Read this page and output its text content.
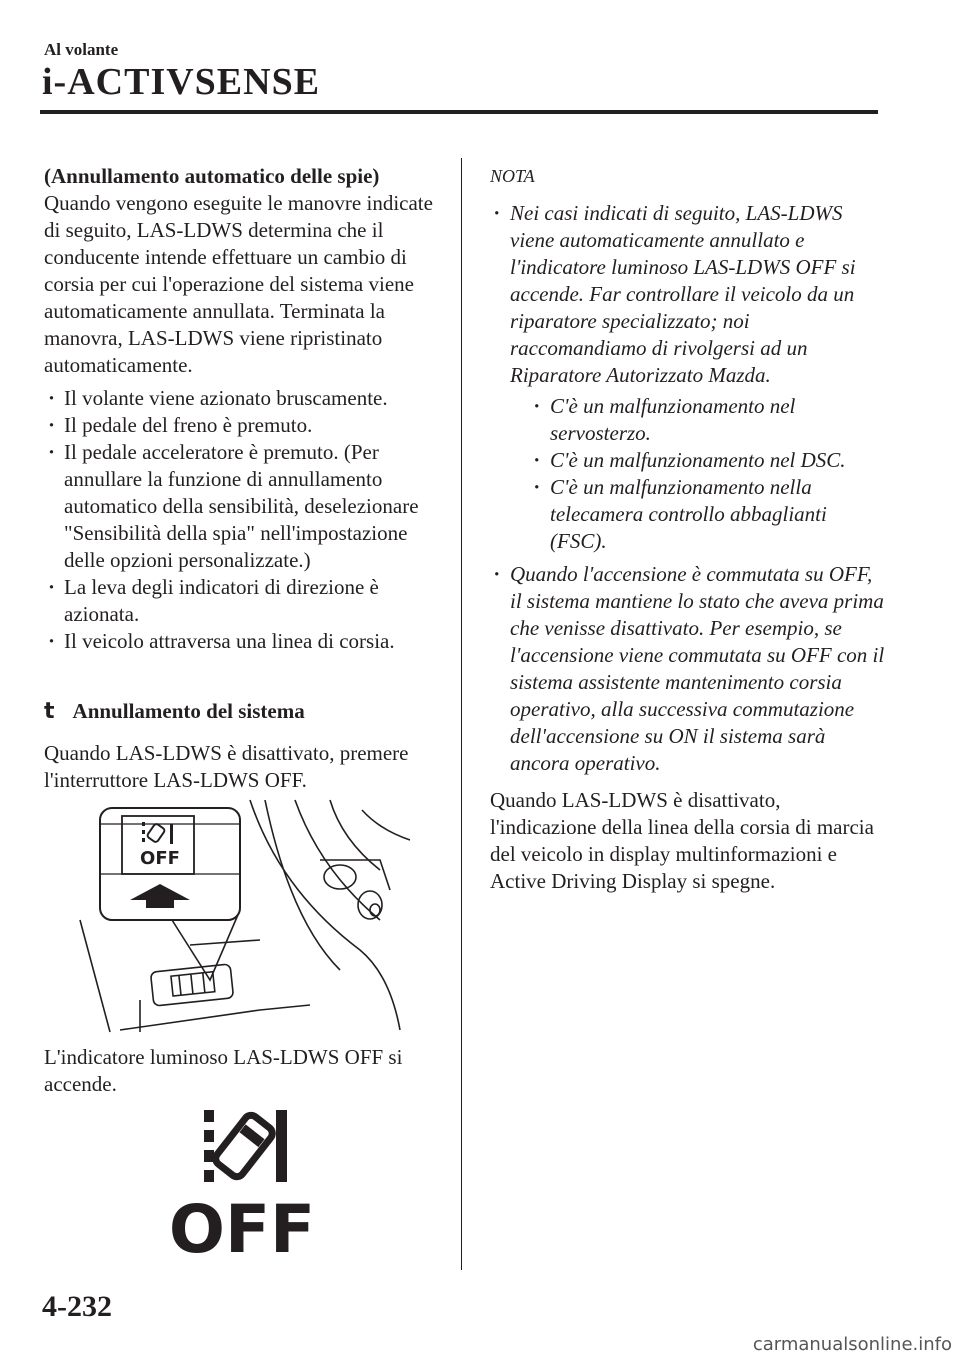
Al volante
i-ACTIVSENSE

(Annullamento automatico delle spie)

Quando vengono eseguite le manovre indicate di seguito, LAS-LDWS determina che il conducente intende effettuare un cambio di corsia per cui l'operazione del sistema viene automaticamente annullata. Terminata la manovra, LAS-LDWS viene ripristinato automaticamente.

· Il volante viene azionato bruscamente.
· Il pedale del freno è premuto.
· Il pedale acceleratore è premuto. (Per annullare la funzione di annullamento automatico della sensibilità, deselezionare "Sensibilità della spia" nell'impostazione delle opzioni personalizzate.)
· La leva degli indicatori di direzione è azionata.
· Il veicolo attraversa una linea di corsia.
t Annullamento del sistema
Quando LAS-LDWS è disattivato, premere l'interruttore LAS-LDWS OFF.
OFF
L'indicatore luminoso LAS-LDWS OFF si accende.
OFF

NOTA

· Nei casi indicati di seguito, LAS-LDWS viene automaticamente annullato e l'indicatore luminoso LAS-LDWS OFF si accende. Far controllare il veicolo da un riparatore specializzato; noi raccomandiamo di rivolgersi ad un Riparatore Autorizzato Mazda.
· C'è un malfunzionamento nel servosterzo.
· C'è un malfunzionamento nel DSC.
· C'è un malfunzionamento nella telecamera controllo abbaglianti (FSC).
· Quando l'accensione è commutata su OFF, il sistema mantiene lo stato che aveva prima che venisse disattivato. Per esempio, se l'accensione viene commutata su OFF con il sistema assistente mantenimento corsia operativo, alla successiva commutazione dell'accensione su ON il sistema sarà ancora operativo.

Quando LAS-LDWS è disattivato, l'indicazione della linea della corsia di marcia del veicolo in display multinformazioni e Active Driving Display si spegne.

4-232
carmanualsonline.info
